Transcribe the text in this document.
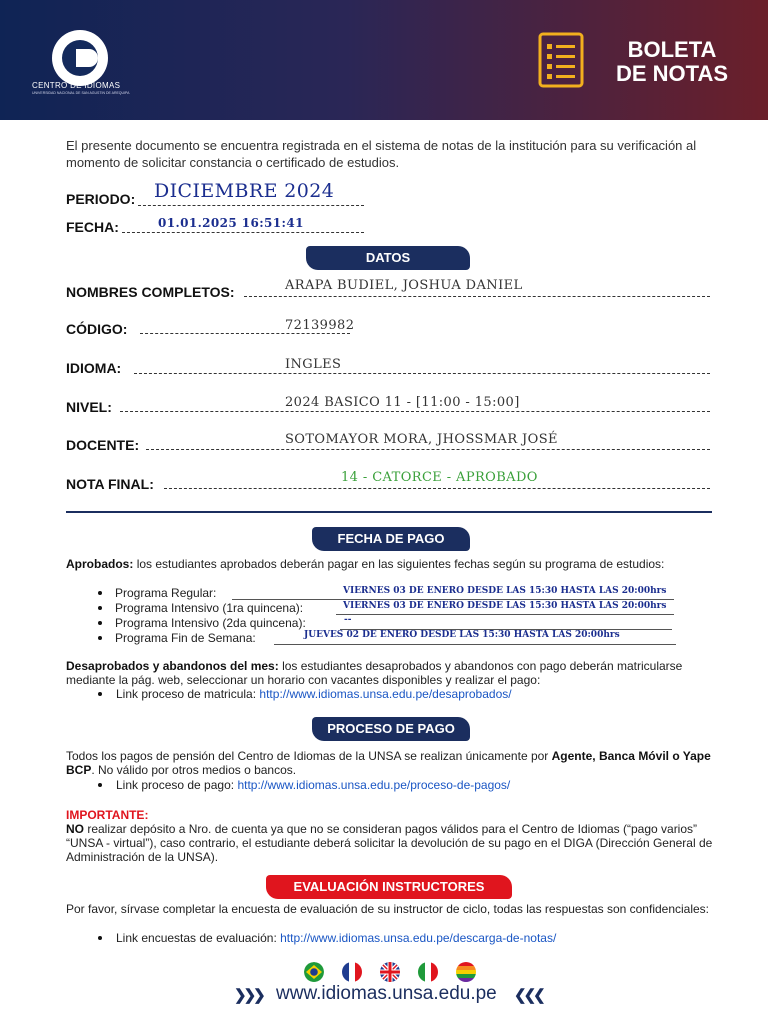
CENTRO DE IDIOMAS
UNIVERSIDAD NACIONAL DE SAN AGUSTIN DE AREQUIPA
BOLETA
DE NOTAS
El presente documento se encuentra registrada en el sistema de notas de la institución para su verificación al momento de solicitar constancia o certificado de estudios.
PERIODO: DICIEMBRE 2024
FECHA:	01.01.2025 16:51:41
DATOS
NOMBRES COMPLETOS:	ARAPA BUDIEL, JOSHUA DANIEL
CÓDIGO:	72139982
IDIOMA:	INGLES
NIVEL:	2024 BASICO 11 - [11:00 - 15:00]
DOCENTE:	SOTOMAYOR MORA, JHOSSMAR JOSÉ
NOTA FINAL:	14 - CATORCE - APROBADO
FECHA DE PAGO
Aprobados: los estudiantes aprobados deberán pagar en las siguientes fechas según su programa de estudios:
Programa Regular:	VIERNES 03 DE ENERO DESDE LAS 15:30 HASTA LAS 20:00hrs
Programa Intensivo (1ra quincena):	VIERNES 03 DE ENERO DESDE LAS 15:30 HASTA LAS 20:00hrs
Programa Intensivo (2da quincena):	--
Programa Fin de Semana:	JUEVES 02 DE ENERO DESDE LAS 15:30 HASTA LAS 20:00hrs
Desaprobados y abandonos del mes: los estudiantes desaprobados y abandonos con pago deberán matricularse mediante la pág. web, seleccionar un horario con vacantes disponibles y realizar el pago:
Link proceso de matricula: http://www.idiomas.unsa.edu.pe/desaprobados/
PROCESO DE PAGO
Todos los pagos de pensión del Centro de Idiomas de la UNSA se realizan únicamente por Agente, Banca Móvil o Yape BCP. No válido por otros medios o bancos.
Link proceso de pago: http://www.idiomas.unsa.edu.pe/proceso-de-pagos/
IMPORTANTE:
NO realizar depósito a Nro. de cuenta ya que no se consideran pagos válidos para el Centro de Idiomas (“pago varios” “UNSA - virtual”), caso contrario, el estudiante deberá solicitar la devolución de su pago en el DIGA (Dirección General de Administración de la UNSA).
EVALUACIÓN INSTRUCTORES
Por favor, sírvase completar la encuesta de evaluación de su instructor de ciclo, todas las respuestas son confidenciales:
Link encuestas de evaluación: http://www.idiomas.unsa.edu.pe/descarga-de-notas/
❯❯❯ www.idiomas.unsa.edu.pe ❮❮❮
